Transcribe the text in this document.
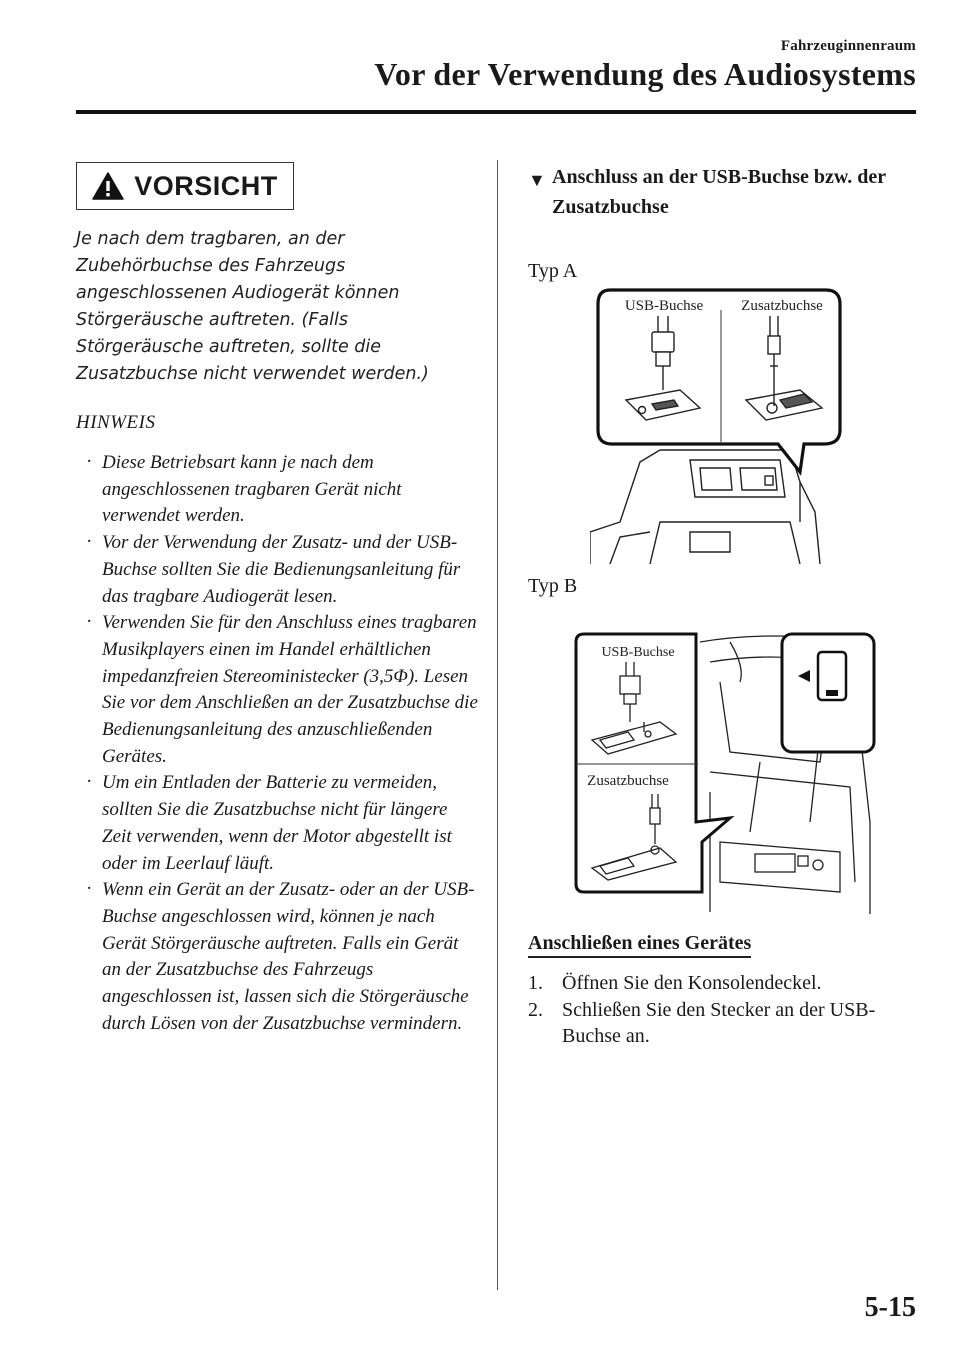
Fahrzeuginnenraum
Vor der Verwendung des Audiosystems
VORSICHT
Je nach dem tragbaren, an der Zubehörbuchse des Fahrzeugs angeschlossenen Audiogerät können Störgeräusche auftreten. (Falls Störgeräusche auftreten, sollte die Zusatzbuchse nicht verwendet werden.)
HINWEIS
· Diese Betriebsart kann je nach dem angeschlossenen tragbaren Gerät nicht verwendet werden.
· Vor der Verwendung der Zusatz- und der USB-Buchse sollten Sie die Bedienungsanleitung für das tragbare Audiogerät lesen.
· Verwenden Sie für den Anschluss eines tragbaren Musikplayers einen im Handel erhältlichen impedanzfreien Stereoministecker (3,5Φ). Lesen Sie vor dem Anschließen an der Zusatzbuchse die Bedienungsanleitung des anzuschließenden Gerätes.
· Um ein Entladen der Batterie zu vermeiden, sollten Sie die Zusatzbuchse nicht für längere Zeit verwenden, wenn der Motor abgestellt ist oder im Leerlauf läuft.
· Wenn ein Gerät an der Zusatz- oder an der USB-Buchse angeschlossen wird, können je nach Gerät Störgeräusche auftreten. Falls ein Gerät an der Zusatzbuchse des Fahrzeugs angeschlossen ist, lassen sich die Störgeräusche durch Lösen von der Zusatzbuchse vermindern.
▼ Anschluss an der USB-Buchse bzw. der Zusatzbuchse
Typ A
USB-Buchse	Zusatzbuchse
Typ B
USB-Buchse
Zusatzbuchse
Anschließen eines Gerätes
1. Öffnen Sie den Konsolendeckel.
2. Schließen Sie den Stecker an der USB-Buchse an.
5-15
